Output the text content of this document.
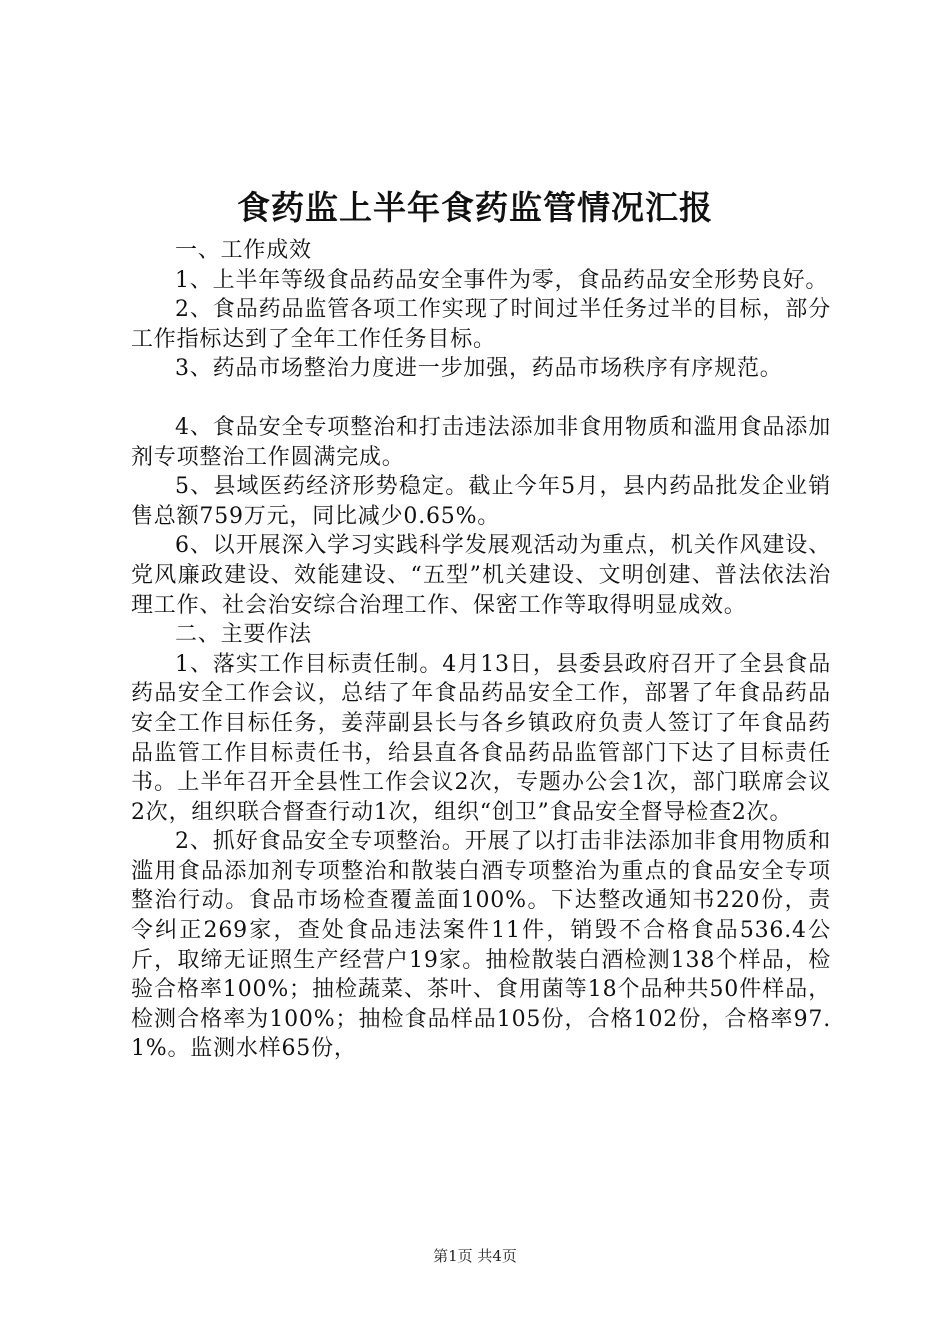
食药监上半年食药监管情况汇报

一、工作成效

1、上半年等级食品药品安全事件为零，食品药品安全形势良好。

2、食品药品监管各项工作实现了时间过半任务过半的目标，部分工作指标达到了全年工作任务目标。

3、药品市场整治力度进一步加强，药品市场秩序有序规范。

4、食品安全专项整治和打击违法添加非食用物质和滥用食品添加剂专项整治工作圆满完成。

5、县域医药经济形势稳定。截止今年5月，县内药品批发企业销售总额759万元，同比减少0.65%。

6、以开展深入学习实践科学发展观活动为重点，机关作风建设、党风廉政建设、效能建设、“五型”机关建设、文明创建、普法依法治理工作、社会治安综合治理工作、保密工作等取得明显成效。

二、主要作法

1、落实工作目标责任制。4月13日，县委县政府召开了全县食品药品安全工作会议，总结了年食品药品安全工作，部署了年食品药品安全工作目标任务，姜萍副县长与各乡镇政府负责人签订了年食品药品监管工作目标责任书，给县直各食品药品监管部门下达了目标责任书。上半年召开全县性工作会议2次，专题办公会1次，部门联席会议2次，组织联合督查行动1次，组织“创卫”食品安全督导检查2次。

2、抓好食品安全专项整治。开展了以打击非法添加非食用物质和滥用食品添加剂专项整治和散装白酒专项整治为重点的食品安全专项整治行动。食品市场检查覆盖面100%。下达整改通知书220份，责令纠正269家，查处食品违法案件11件，销毁不合格食品536.4公斤，取缔无证照生产经营户19家。抽检散装白酒检测138个样品，检验合格率100%；抽检蔬菜、茶叶、食用菌等18个品种共50件样品，检测合格率为100%；抽检食品样品105份，合格102份，合格率97.1%。监测水样65份，

第1页 共4页
